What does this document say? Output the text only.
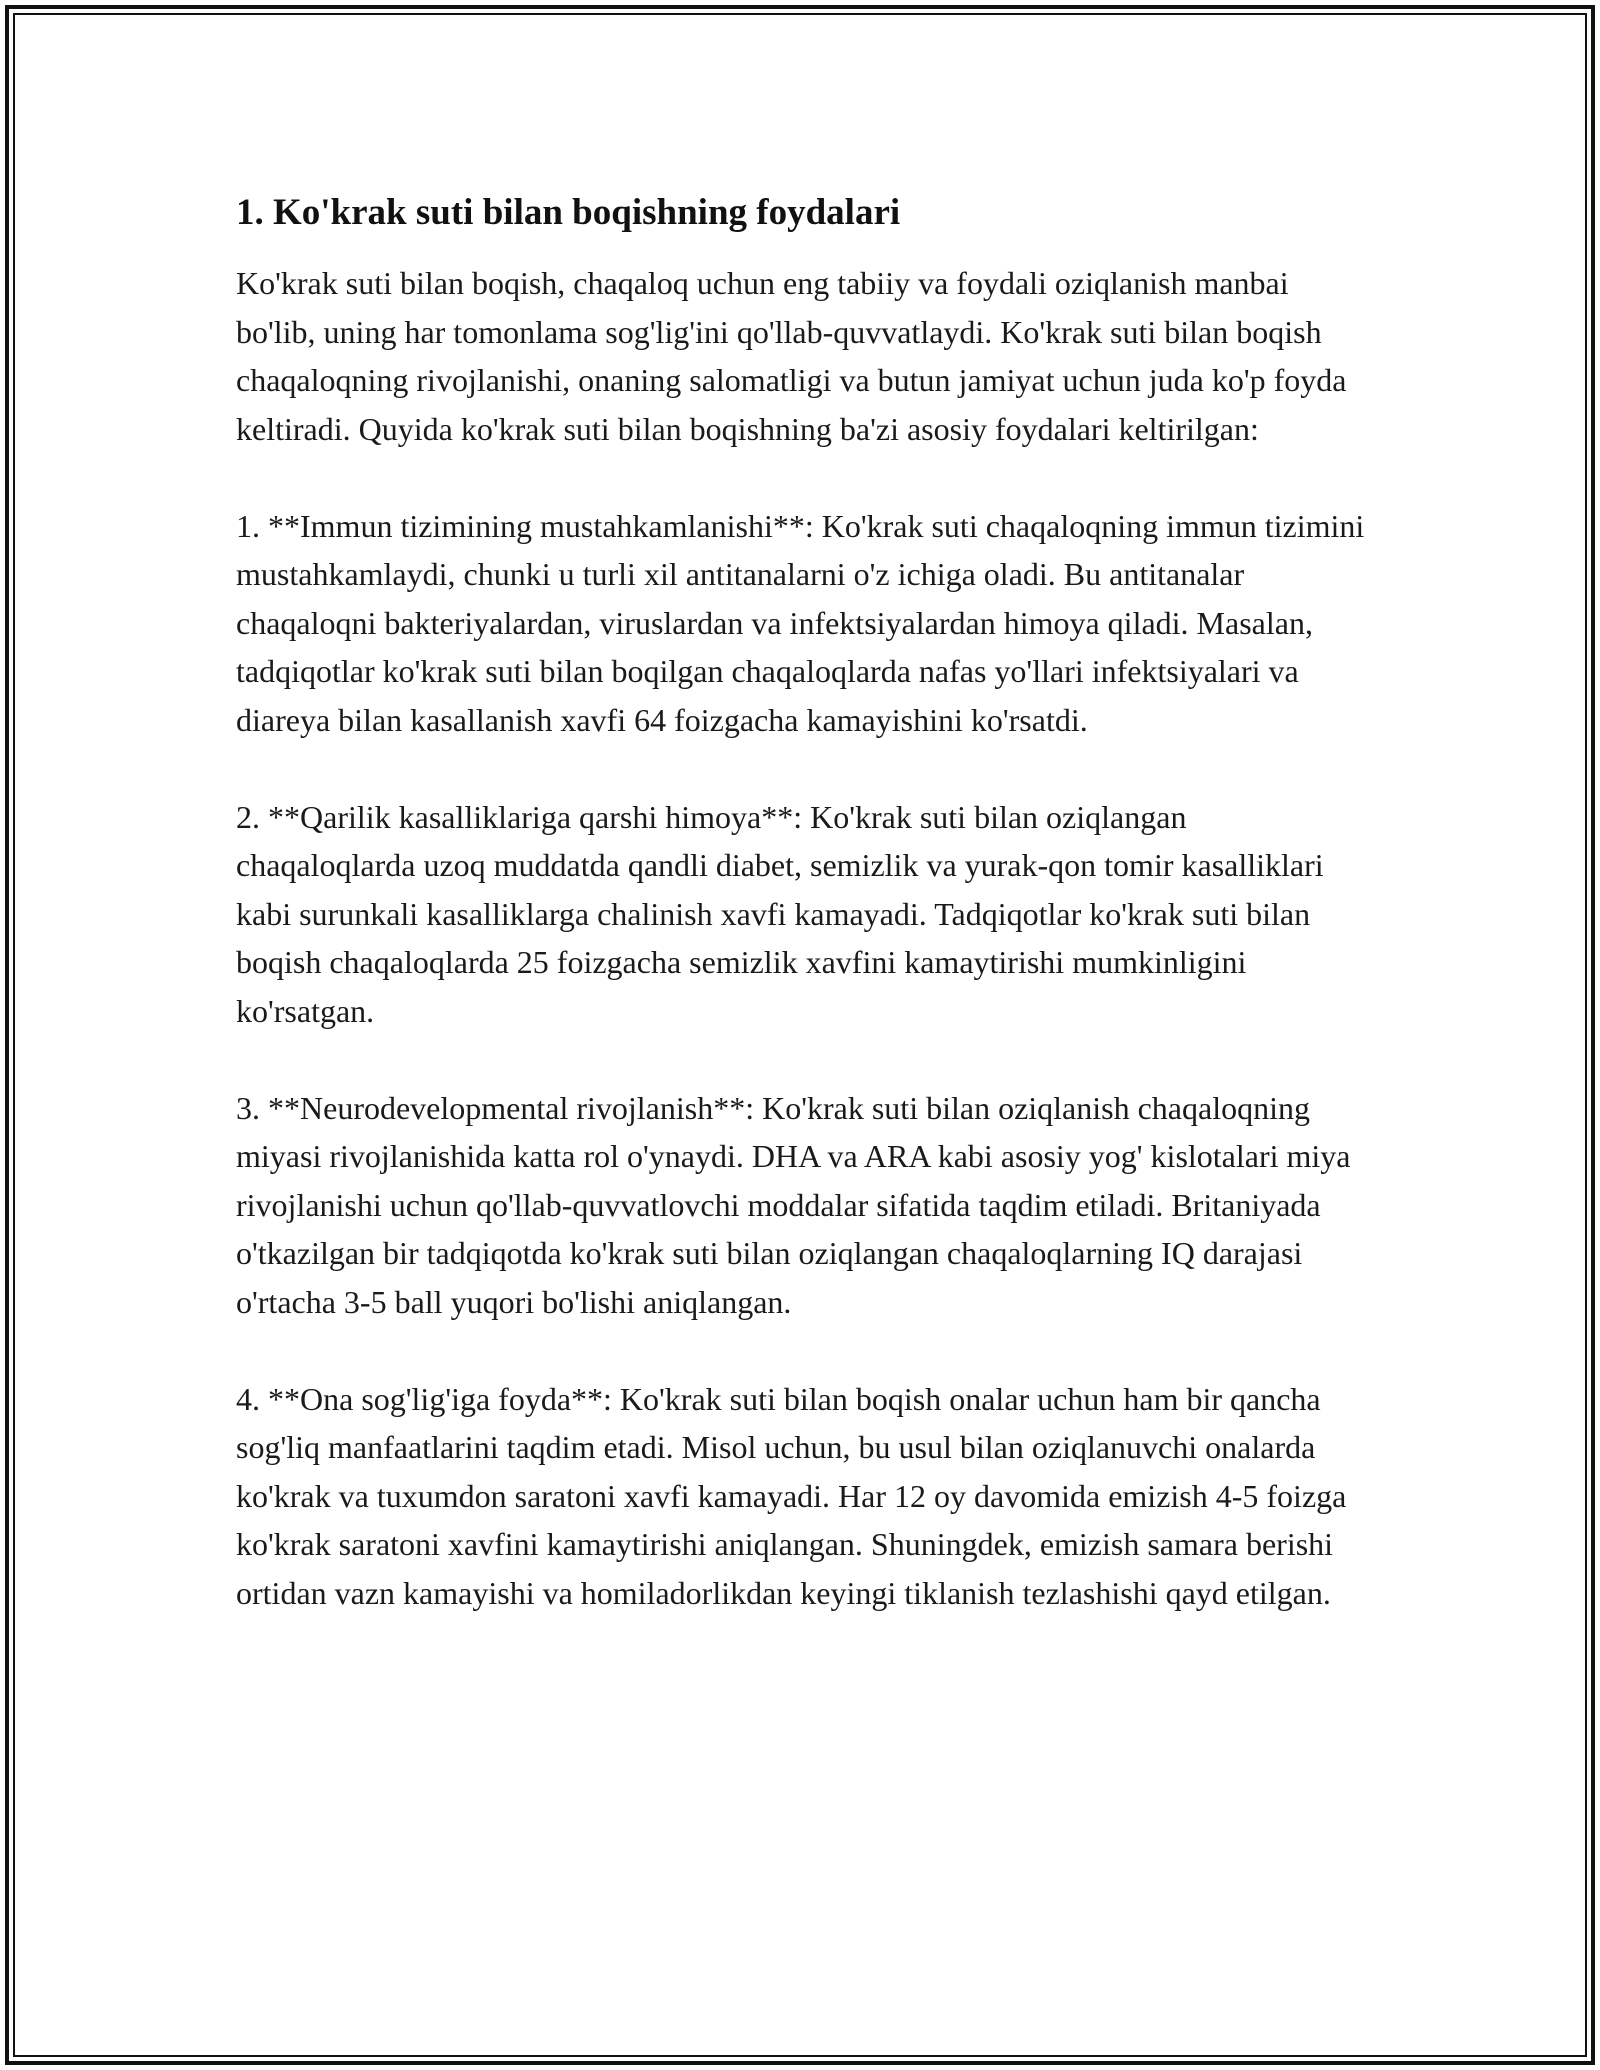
1. Ko'krak suti bilan boqishning foydalari

Ko'krak suti bilan boqish, chaqaloq uchun eng tabiiy va foydali oziqlanish manbai bo'lib, uning har tomonlama sog'lig'ini qo'llab-quvvatlaydi. Ko'krak suti bilan boqish chaqaloqning rivojlanishi, onaning salomatligi va butun jamiyat uchun juda ko'p foyda keltiradi. Quyida ko'krak suti bilan boqishning ba'zi asosiy foydalari keltirilgan:

1. **Immun tizimining mustahkamlanishi**: Ko'krak suti chaqaloqning immun tizimini mustahkamlaydi, chunki u turli xil antitanalarni o'z ichiga oladi. Bu antitanalar chaqaloqni bakteriyalardan, viruslardan va infektsiyalardan himoya qiladi. Masalan, tadqiqotlar ko'krak suti bilan boqilgan chaqaloqlarda nafas yo'llari infektsiyalari va diareya bilan kasallanish xavfi 64 foizgacha kamayishini ko'rsatdi.

2. **Qarilik kasalliklariga qarshi himoya**: Ko'krak suti bilan oziqlangan chaqaloqlarda uzoq muddatda qandli diabet, semizlik va yurak-qon tomir kasalliklari kabi surunkali kasalliklarga chalinish xavfi kamayadi. Tadqiqotlar ko'krak suti bilan boqish chaqaloqlarda 25 foizgacha semizlik xavfini kamaytirishi mumkinligini ko'rsatgan.

3. **Neurodevelopmental rivojlanish**: Ko'krak suti bilan oziqlanish chaqaloqning miyasi rivojlanishida katta rol o'ynaydi. DHA va ARA kabi asosiy yog' kislotalari miya rivojlanishi uchun qo'llab-quvvatlovchi moddalar sifatida taqdim etiladi. Britaniyada o'tkazilgan bir tadqiqotda ko'krak suti bilan oziqlangan chaqaloqlarning IQ darajasi o'rtacha 3-5 ball yuqori bo'lishi aniqlangan.

4. **Ona sog'lig'iga foyda**: Ko'krak suti bilan boqish onalar uchun ham bir qancha sog'liq manfaatlarini taqdim etadi. Misol uchun, bu usul bilan oziqlanuvchi onalarda ko'krak va tuxumdon saratoni xavfi kamayadi. Har 12 oy davomida emizish 4-5 foizga ko'krak saratoni xavfini kamaytirishi aniqlangan. Shuningdek, emizish samara berishi ortidan vazn kamayishi va homiladorlikdan keyingi tiklanish tezlashishi qayd etilgan.
